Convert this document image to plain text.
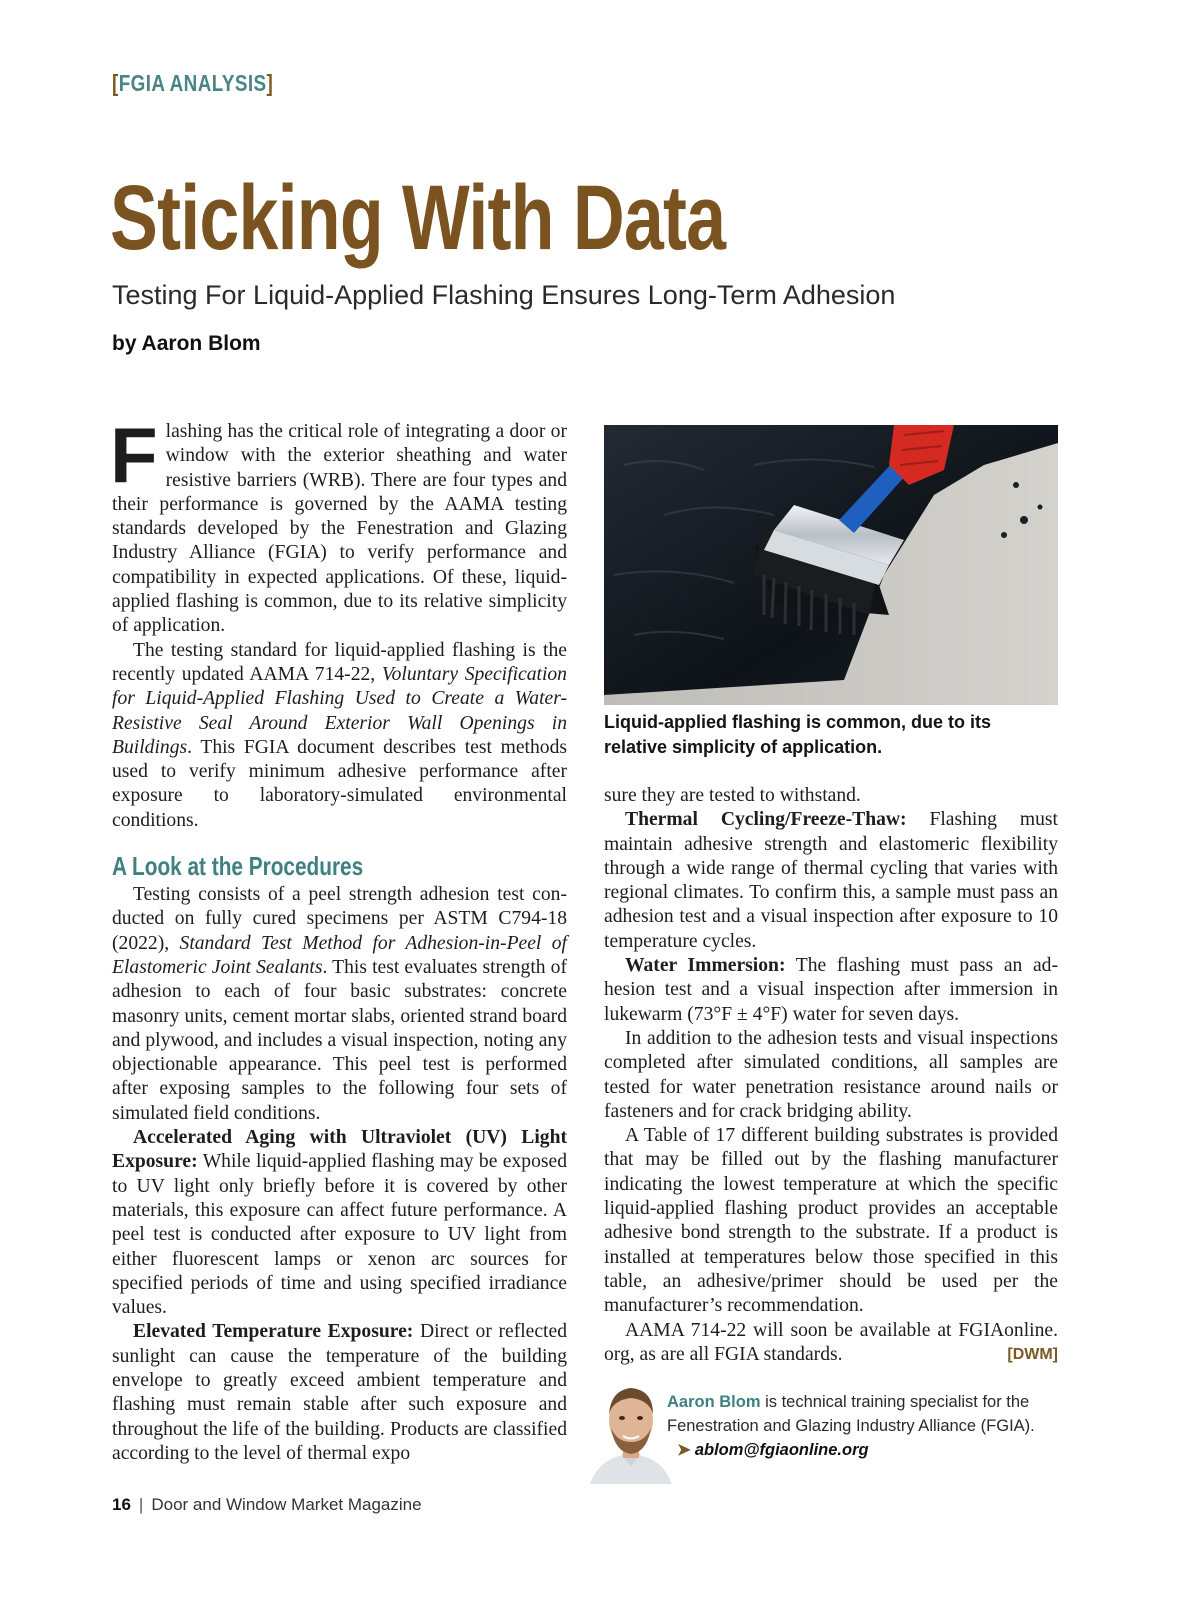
[FGIA ANALYSIS]
Sticking With Data
Testing For Liquid-Applied Flashing Ensures Long-Term Adhesion
by Aaron Blom

Flashing has the critical role of integrating a door or window with the exterior sheathing and water resistive barriers (WRB). There are four types and their performance is governed by the AAMA testing standards developed by the Fenestration and Glazing Industry Alliance (FGIA) to verify performance and compatibility in expected applications. Of these, liquid-applied flashing is common, due to its relative simplicity of application.

The testing standard for liquid-applied flashing is the recently updated AAMA 714-22, Voluntary Specification for Liquid-Applied Flashing Used to Create a Water-Resistive Seal Around Exterior Wall Openings in Buildings. This FGIA document describes test methods used to verify minimum adhesive performance after exposure to laboratory-simulated environmental conditions.

A Look at the Procedures

Testing consists of a peel strength adhesion test conducted on fully cured specimens per ASTM C794-18 (2022), Standard Test Method for Adhesion-in-Peel of Elastomeric Joint Sealants. This test evaluates strength of adhesion to each of four basic substrates: concrete masonry units, cement mortar slabs, oriented strand board and plywood, and includes a visual inspection, noting any objectionable appearance. This peel test is performed after exposing samples to the following four sets of simulated field conditions.

Accelerated Aging with Ultraviolet (UV) Light Exposure: While liquid-applied flashing may be exposed to UV light only briefly before it is covered by other materials, this exposure can affect future performance. A peel test is conducted after exposure to UV light from either fluorescent lamps or xenon arc sources for specified periods of time and using specified irradiance values.

Elevated Temperature Exposure: Direct or reflected sunlight can cause the temperature of the building envelope to greatly exceed ambient temperature and flashing must remain stable after such exposure and throughout the life of the building. Products are classified according to the level of thermal expo

Liquid-applied flashing is common, due to its relative simplicity of application.

sure they are tested to withstand.

Thermal Cycling/Freeze-Thaw: Flashing must maintain adhesive strength and elastomeric flexibility through a wide range of thermal cycling that varies with regional climates. To confirm this, a sample must pass an adhesion test and a visual inspection after exposure to 10 temperature cycles.

Water Immersion: The flashing must pass an adhesion test and a visual inspection after immersion in lukewarm (73°F ± 4°F) water for seven days.

In addition to the adhesion tests and visual inspections completed after simulated conditions, all samples are tested for water penetration resistance around nails or fasteners and for crack bridging ability.

A Table of 17 different building substrates is provided that may be filled out by the flashing manufacturer indicating the lowest temperature at which the specific liquid-applied flashing product provides an acceptable adhesive bond strength to the substrate. If a product is installed at temperatures below those specified in this table, an adhesive/primer should be used per the manufacturer’s recommendation.

AAMA 714-22 will soon be available at FGIAonline. org, as are all FGIA standards.	[DWM]

Aaron Blom is technical training specialist for the Fenestration and Glazing Industry Alliance (FGIA).
➤ ablom@fgiaonline.org
16 | Door and Window Market Magazine
